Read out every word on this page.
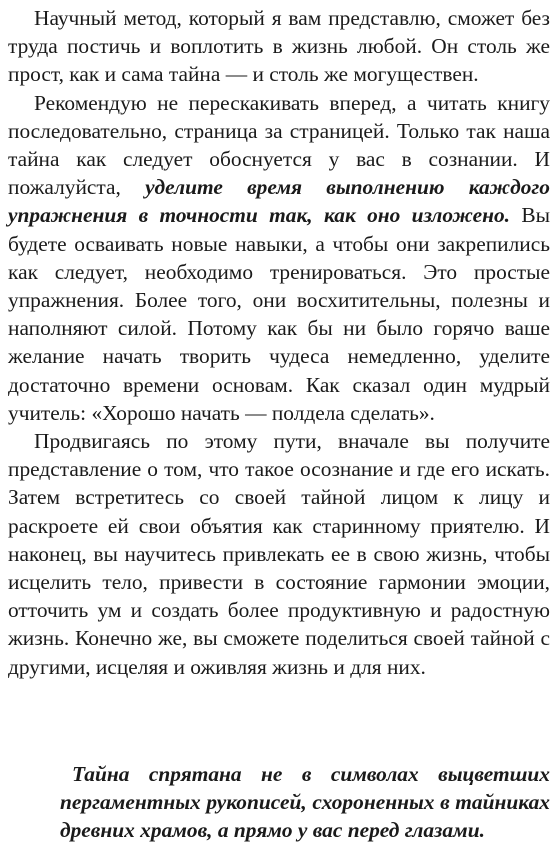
Научный метод, который я вам представлю, сможет без труда постичь и воплотить в жизнь любой. Он столь же прост, как и сама тайна — и столь же могуществен.

Рекомендую не перескакивать вперед, а читать книгу последовательно, страница за страницей. Только так наша тайна как следует обоснуется у вас в сознании. И пожалуйста, уделите время выполнению каждого упражнения в точности так, как оно изложено. Вы будете осваивать новые навыки, а чтобы они закрепились как следует, необходимо тренироваться. Это простые упражнения. Более того, они восхитительны, полезны и наполняют силой. Потому как бы ни было горячо ваше желание начать творить чудеса немедленно, уделите достаточно времени основам. Как сказал один мудрый учитель: «Хорошо начать — полдела сделать».

Продвигаясь по этому пути, вначале вы получите представление о том, что такое осознание и где его искать. Затем встретитесь со своей тайной лицом к лицу и раскроете ей свои объятия как старинному приятелю. И наконец, вы научитесь привлекать ее в свою жизнь, чтобы исцелить тело, привести в состояние гармонии эмоции, отточить ум и создать более продуктивную и радостную жизнь. Конечно же, вы сможете поделиться своей тайной с другими, исцеляя и оживляя жизнь и для них.

Тайна спрятана не в символах выцветших пергаментных рукописей, схороненных в тайниках древних храмов, а прямо у вас перед глазами.
